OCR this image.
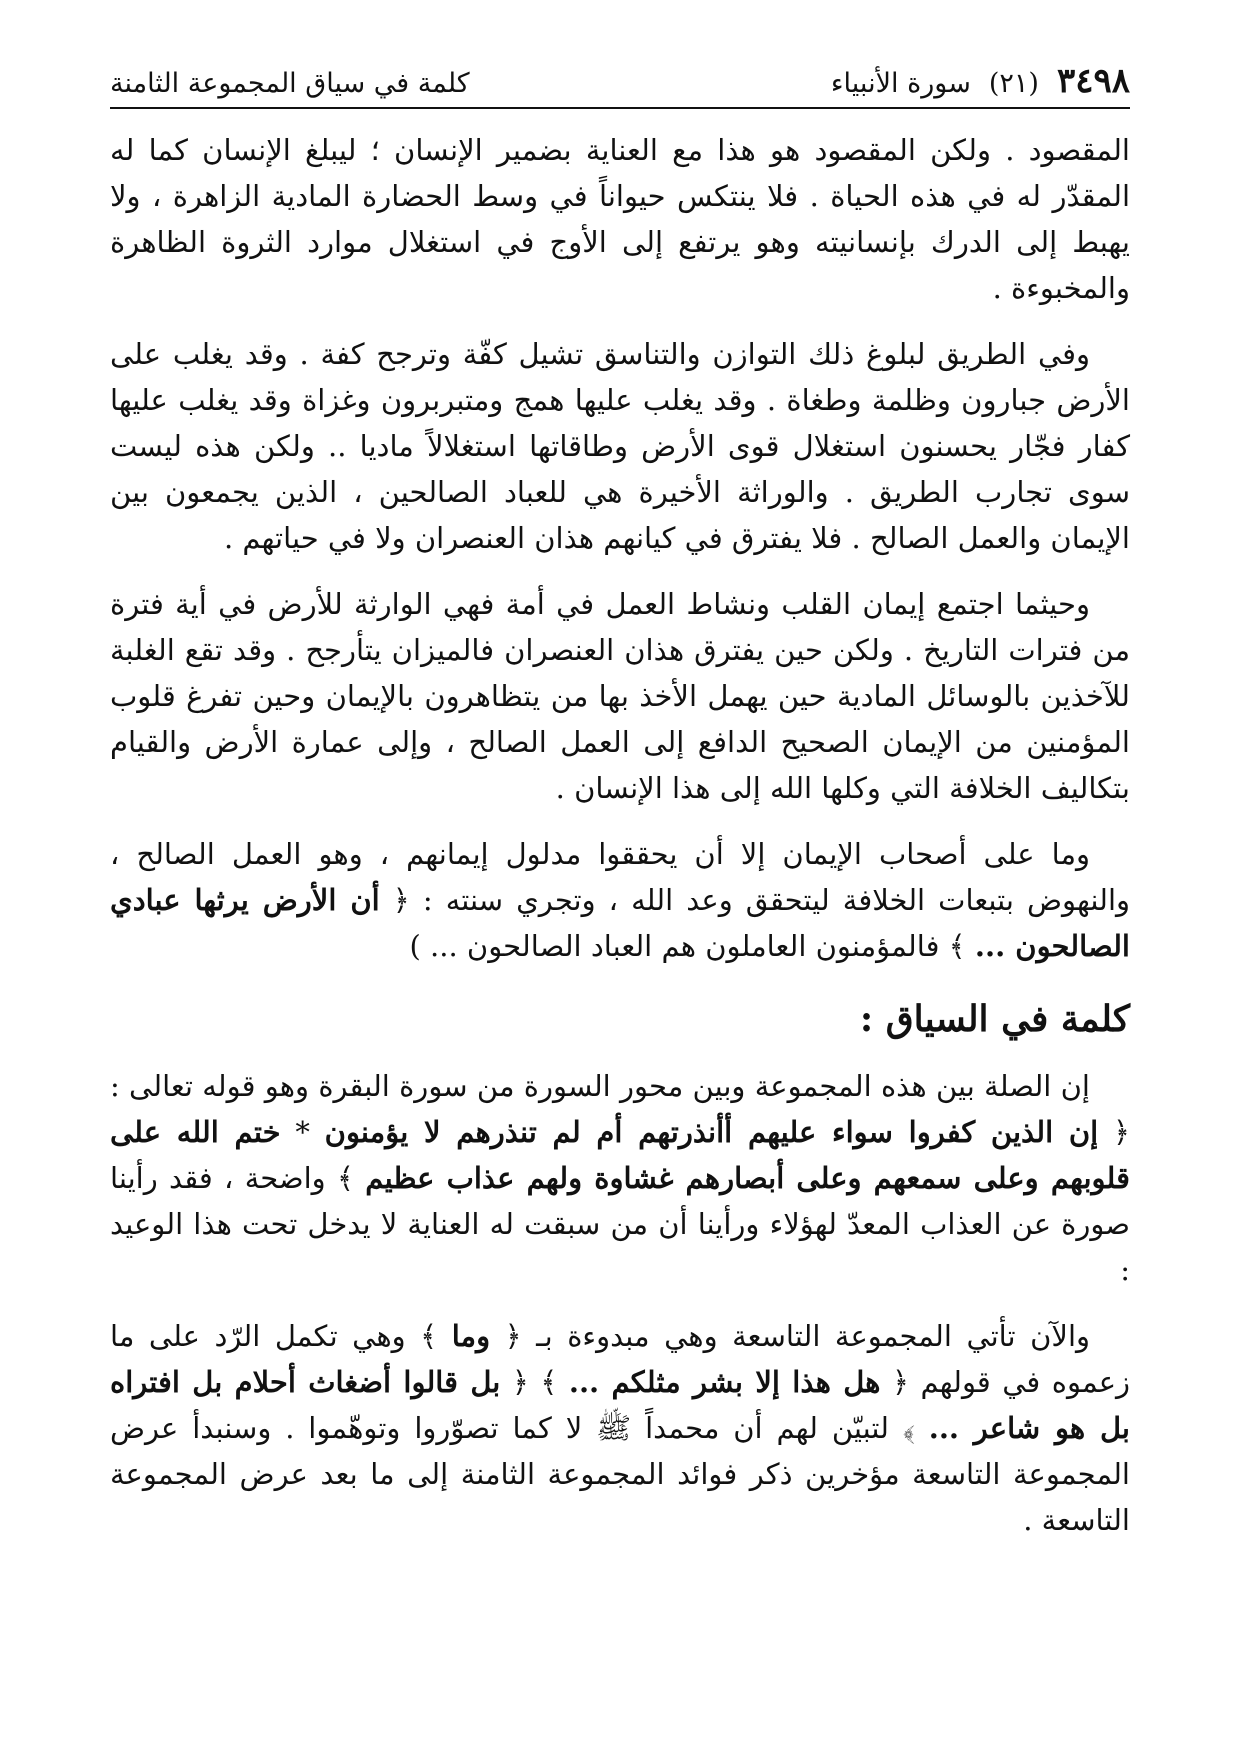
٣٤٩٨
(٢١)
سورة الأنبياء
كلمة في سياق المجموعة الثامنة

المقصود . ولكن المقصود هو هذا مع العناية بضمير الإنسان ؛ ليبلغ الإنسان كما له المقدّر له في هذه الحياة . فلا ينتكس حيواناً في وسط الحضارة المادية الزاهرة ، ولا يهبط إلى الدرك بإنسانيته وهو يرتفع إلى الأوج في استغلال موارد الثروة الظاهرة والمخبوءة .

وفي الطريق لبلوغ ذلك التوازن والتناسق تشيل كفّة وترجح كفة . وقد يغلب على الأرض جبارون وظلمة وطغاة . وقد يغلب عليها همج ومتبربرون وغزاة وقد يغلب عليها كفار فجّار يحسنون استغلال قوى الأرض وطاقاتها استغلالاً ماديا .. ولكن هذه ليست سوى تجارب الطريق . والوراثة الأخيرة هي للعباد الصالحين ، الذين يجمعون بين الإيمان والعمل الصالح . فلا يفترق في كيانهم هذان العنصران ولا في حياتهم .

وحيثما اجتمع إيمان القلب ونشاط العمل في أمة فهي الوارثة للأرض في أية فترة من فترات التاريخ . ولكن حين يفترق هذان العنصران فالميزان يتأرجح . وقد تقع الغلبة للآخذين بالوسائل المادية حين يهمل الأخذ بها من يتظاهرون بالإيمان وحين تفرغ قلوب المؤمنين من الإيمان الصحيح الدافع إلى العمل الصالح ، وإلى عمارة الأرض والقيام بتكاليف الخلافة التي وكلها الله إلى هذا الإنسان .

وما على أصحاب الإيمان إلا أن يحققوا مدلول إيمانهم ، وهو العمل الصالح ، والنهوض بتبعات الخلافة ليتحقق وعد الله ، وتجري سنته : ﴿ أن الأرض يرثها عبادي الصالحون ... ﴾ فالمؤمنون العاملون هم العباد الصالحون ... )

كلمة في السياق :

إن الصلة بين هذه المجموعة وبين محور السورة من سورة البقرة وهو قوله تعالى : ﴿ إن الذين كفروا سواء عليهم أأنذرتهم أم لم تنذرهم لا يؤمنون * ختم الله على قلوبهم وعلى سمعهم وعلى أبصارهم غشاوة ولهم عذاب عظيم ﴾ واضحة ، فقد رأينا صورة عن العذاب المعدّ لهؤلاء ورأينا أن من سبقت له العناية لا يدخل تحت هذا الوعيد :

والآن تأتي المجموعة التاسعة وهي مبدوءة بـ ﴿ وما ﴾ وهي تكمل الرّد على ما زعموه في قولهم ﴿ هل هذا إلا بشر مثلكم ... ﴾ ﴿ بل قالوا أضغاث أحلام بل افتراه بل هو شاعر ... ﴾ لتبيّن لهم أن محمداً ﷺ لا كما تصوّروا وتوهّموا . وسنبدأ عرض المجموعة التاسعة مؤخرين ذكر فوائد المجموعة الثامنة إلى ما بعد عرض المجموعة التاسعة .
